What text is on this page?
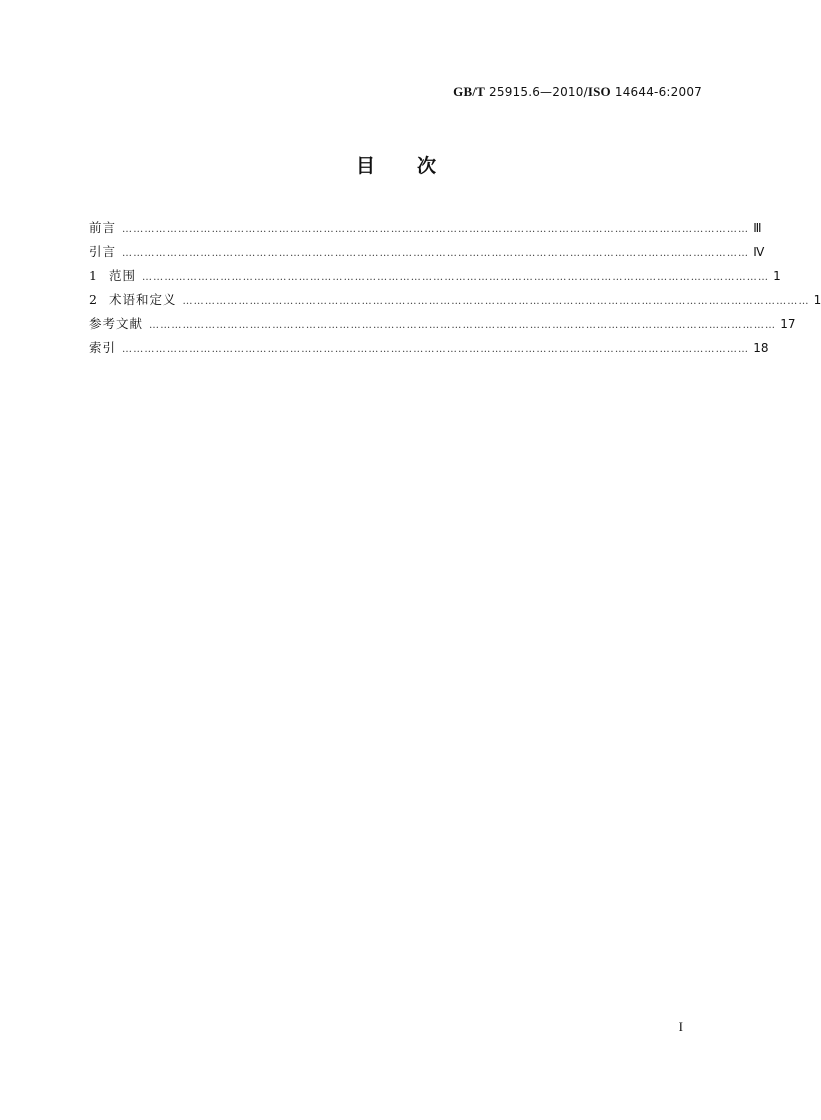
GB/T 25915.6—2010/ISO 14644-6:2007
目 次
前言 …………………………………………………………………………………………………………………………………………………… Ⅲ
引言 …………………………………………………………………………………………………………………………………………………… Ⅳ
1 范围 …………………………………………………………………………………………………………………………………………………… 1
2 术语和定义 …………………………………………………………………………………………………………………………………………………… 1
参考文献 …………………………………………………………………………………………………………………………………………………… 17
索引 …………………………………………………………………………………………………………………………………………………… 18
I
